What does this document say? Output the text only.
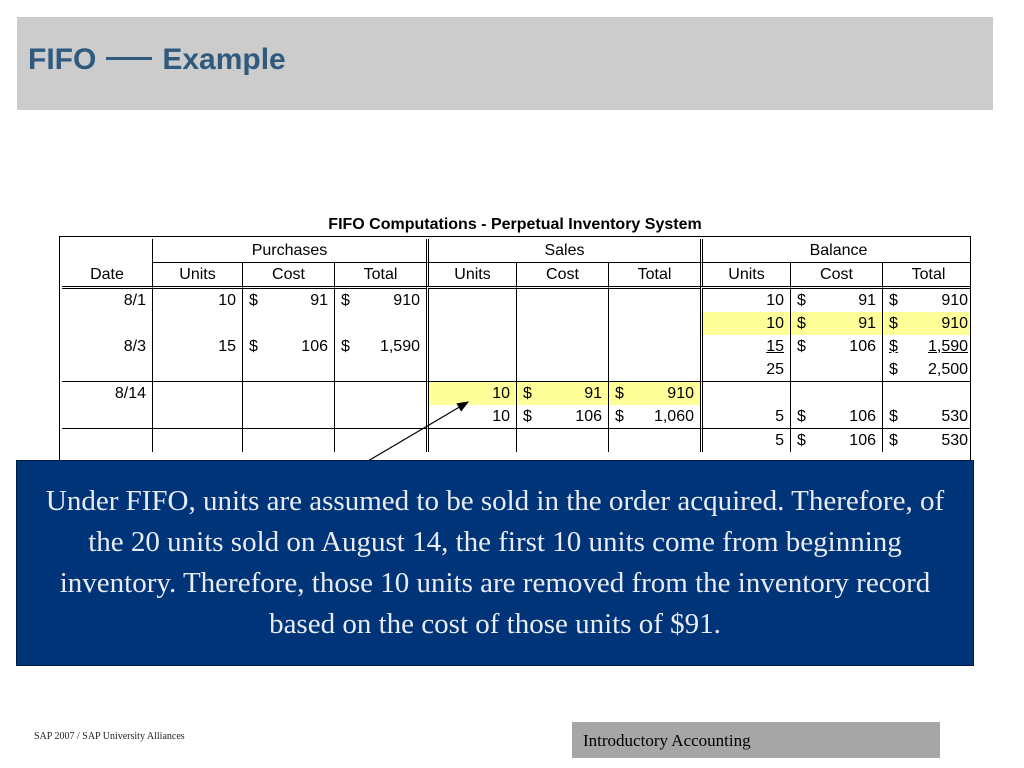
FIFO Example
FIFO Computations - Perpetual Inventory System
	Purchases			Sales			Balance		
Date	Units	Cost	Total	Units	Cost	Total	Units	Cost	Total
8/1	10	$ 91	$ 910				10	$ 91	$ 910

							10	$ 91	$ 910

8/3	15	$ 106	$ 1,590				15	$ 106	$ 1,590

							25		$ 2,500

8/14				10	$ 91	$ 910			

				10	$ 106	$ 1,060	5	$ 106	$ 530

							5	$ 106	$ 530
Under FIFO, units are assumed to be sold in the order acquired. Therefore, of the 20 units sold on August 14, the first 10 units come from beginning inventory. Therefore, those 10 units are removed from the inventory record based on the cost of those units of $91.
SAP 2007 / SAP University Alliances	Introductory Accounting
